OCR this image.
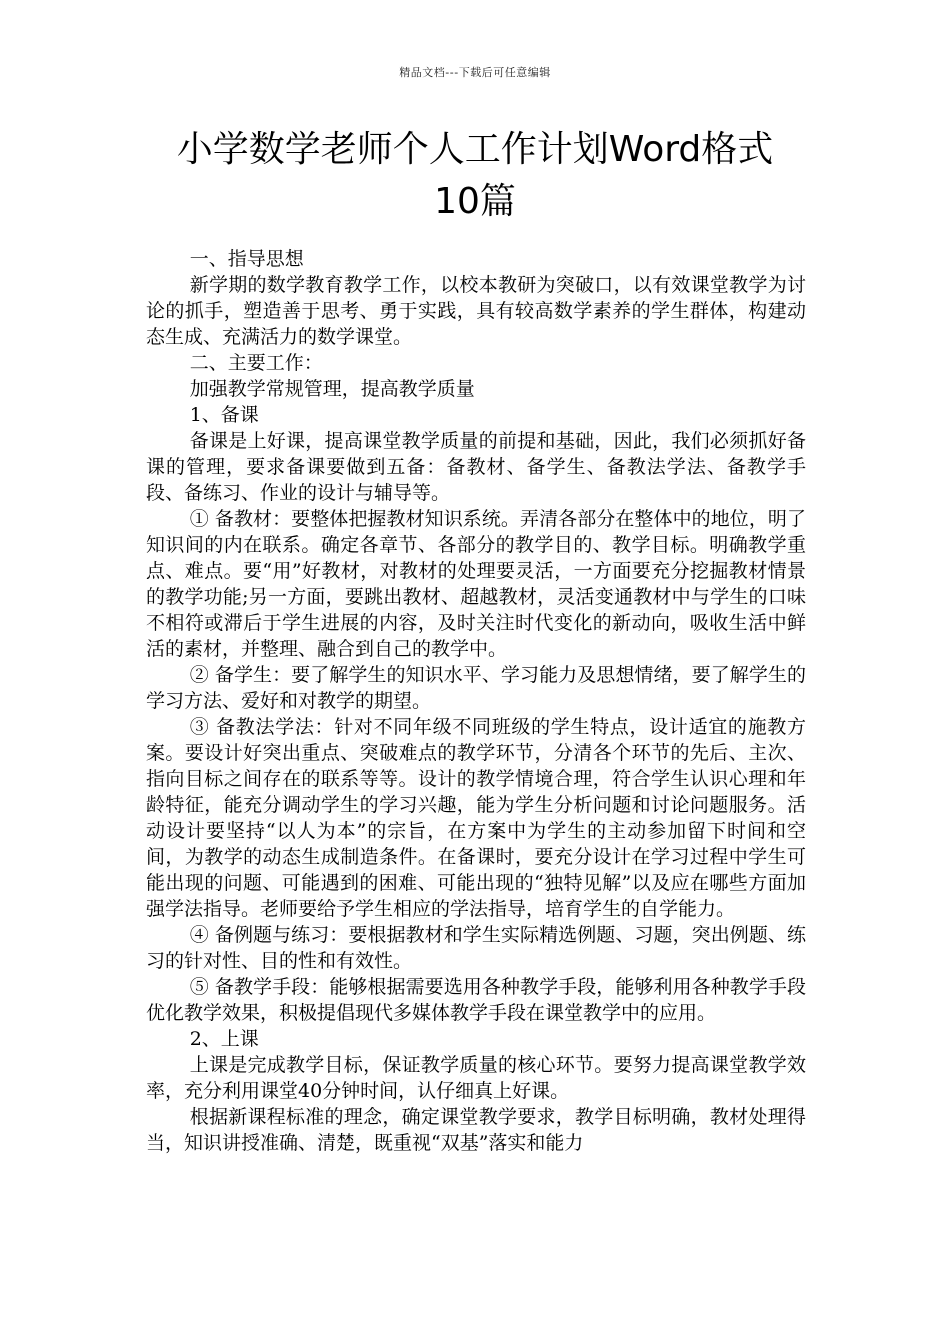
精品文档---下载后可任意编辑
小学数学老师个人工作计划Word格式
10篇

一、指导思想

新学期的数学教育教学工作，以校本教研为突破口，以有效课堂教学为讨论的抓手，塑造善于思考、勇于实践，具有较高数学素养的学生群体，构建动态生成、充满活力的数学课堂。

二、主要工作：

加强教学常规管理，提高教学质量

1、备课

备课是上好课，提高课堂教学质量的前提和基础，因此，我们必须抓好备课的管理，要求备课要做到五备：备教材、备学生、备教法学法、备教学手段、备练习、作业的设计与辅导等。

① 备教材：要整体把握教材知识系统。弄清各部分在整体中的地位，明了知识间的内在联系。确定各章节、各部分的教学目的、教学目标。明确教学重点、难点。要“用”好教材，对教材的处理要灵活，一方面要充分挖掘教材情景的教学功能;另一方面，要跳出教材、超越教材，灵活变通教材中与学生的口味不相符或滞后于学生进展的内容，及时关注时代变化的新动向，吸收生活中鲜活的素材，并整理、融合到自己的教学中。

② 备学生：要了解学生的知识水平、学习能力及思想情绪，要了解学生的学习方法、爱好和对教学的期望。

③ 备教法学法：针对不同年级不同班级的学生特点，设计适宜的施教方案。要设计好突出重点、突破难点的教学环节，分清各个环节的先后、主次、指向目标之间存在的联系等等。设计的教学情境合理，符合学生认识心理和年龄特征，能充分调动学生的学习兴趣，能为学生分析问题和讨论问题服务。活动设计要坚持“以人为本”的宗旨，在方案中为学生的主动参加留下时间和空间，为教学的动态生成制造条件。在备课时，要充分设计在学习过程中学生可能出现的问题、可能遇到的困难、可能出现的“独特见解”以及应在哪些方面加强学法指导。老师要给予学生相应的学法指导，培育学生的自学能力。

④ 备例题与练习：要根据教材和学生实际精选例题、习题，突出例题、练习的针对性、目的性和有效性。

⑤ 备教学手段：能够根据需要选用各种教学手段，能够利用各种教学手段优化教学效果，积极提倡现代多媒体教学手段在课堂教学中的应用。

2、上课

上课是完成教学目标，保证教学质量的核心环节。要努力提高课堂教学效率，充分利用课堂40分钟时间，认仔细真上好课。

根据新课程标准的理念，确定课堂教学要求，教学目标明确，教材处理得当，知识讲授准确、清楚，既重视“双基”落实和能力
